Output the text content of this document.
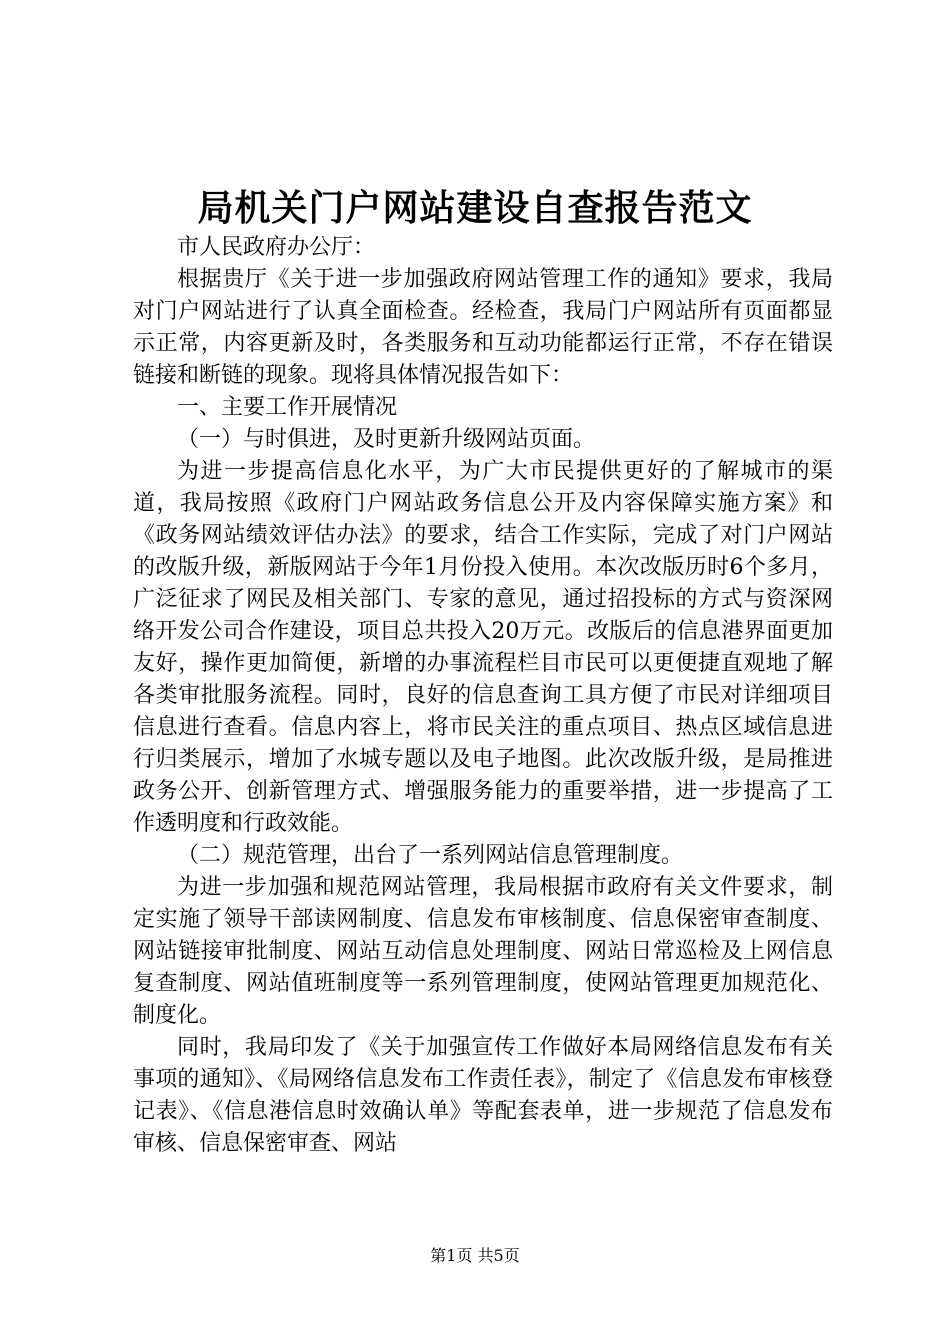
局机关门户网站建设自查报告范文

市人民政府办公厅：

根据贵厅《关于进一步加强政府网站管理工作的通知》要求，我局对门户网站进行了认真全面检查。经检查，我局门户网站所有页面都显示正常，内容更新及时，各类服务和互动功能都运行正常，不存在错误链接和断链的现象。现将具体情况报告如下：

一、主要工作开展情况

（一）与时俱进，及时更新升级网站页面。

为进一步提高信息化水平，为广大市民提供更好的了解城市的渠道，我局按照《政府门户网站政务信息公开及内容保障实施方案》和《政务网站绩效评估办法》的要求，结合工作实际，完成了对门户网站的改版升级，新版网站于今年1月份投入使用。本次改版历时6个多月，广泛征求了网民及相关部门、专家的意见，通过招投标的方式与资深网络开发公司合作建设，项目总共投入20万元。改版后的信息港界面更加友好，操作更加简便，新增的办事流程栏目市民可以更便捷直观地了解各类审批服务流程。同时，良好的信息查询工具方便了市民对详细项目信息进行查看。信息内容上，将市民关注的重点项目、热点区域信息进行归类展示，增加了水城专题以及电子地图。此次改版升级，是局推进政务公开、创新管理方式、增强服务能力的重要举措，进一步提高了工作透明度和行政效能。

（二）规范管理，出台了一系列网站信息管理制度。

为进一步加强和规范网站管理，我局根据市政府有关文件要求，制定实施了领导干部读网制度、信息发布审核制度、信息保密审查制度、网站链接审批制度、网站互动信息处理制度、网站日常巡检及上网信息复查制度、网站值班制度等一系列管理制度，使网站管理更加规范化、制度化。

同时，我局印发了《关于加强宣传工作做好本局网络信息发布有关事项的通知》、《局网络信息发布工作责任表》，制定了《信息发布审核登记表》、《信息港信息时效确认单》等配套表单，进一步规范了信息发布审核、信息保密审查、网站

第1页 共5页
